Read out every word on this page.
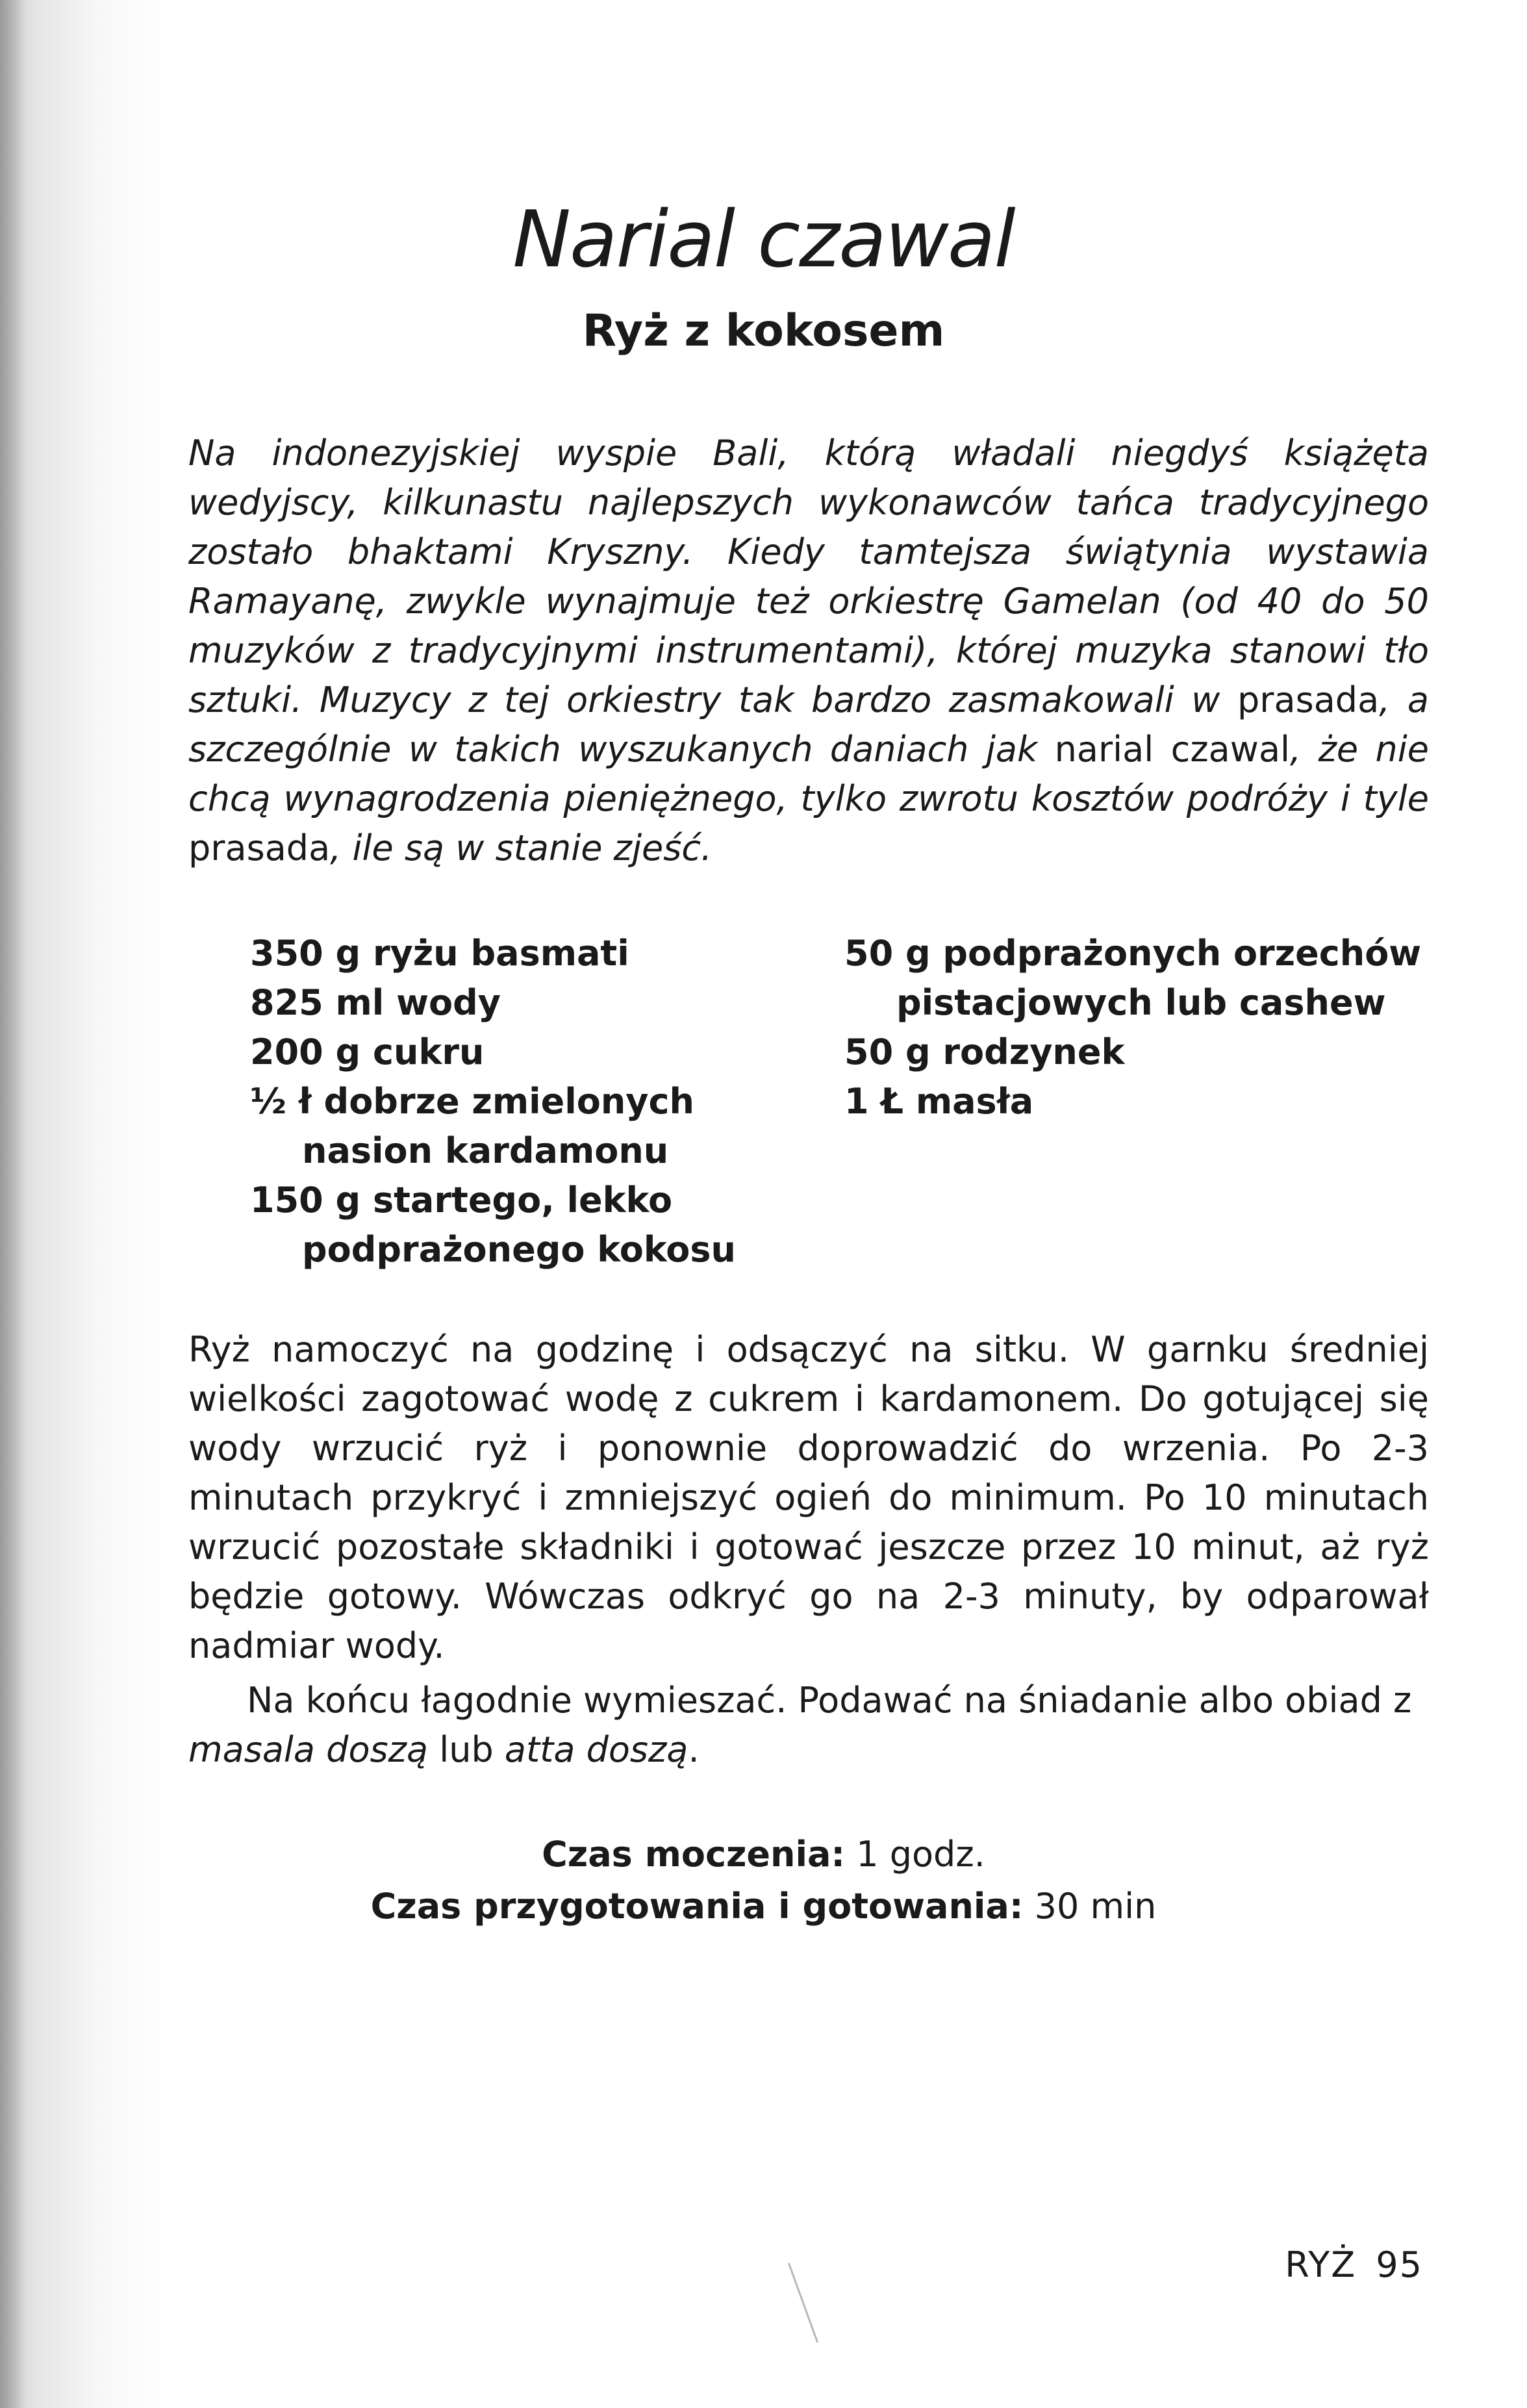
Narial czawal
Ryż z kokosem

Na indonezyjskiej wyspie Bali, którą władali niegdyś książęta wedyjscy, kilkunastu najlepszych wykonawców tańca tradycyjnego zostało bhaktami Kryszny. Kiedy tamtejsza świątynia wystawia Ramayanę, zwykle wynajmuje też orkiestrę Gamelan (od 40 do 50 muzyków z tradycyjnymi instrumentami), której muzyka stanowi tło sztuki. Muzycy z tej orkiestry tak bardzo zasmakowali w prasada, a szczególnie w takich wyszukanych daniach jak narial czawal, że nie chcą wynagrodzenia pieniężnego, tylko zwrotu kosztów podróży i tyle prasada, ile są w stanie zjeść.

350 g ryżu basmati
825 ml wody
200 g cukru
½ ł dobrze zmielonych nasion kardamonu
150 g startego, lekko podprażonego kokosu
50 g podprażonych orzechów pistacjowych lub cashew
50 g rodzynek
1 Ł masła

Ryż namoczyć na godzinę i odsączyć na sitku. W garnku średniej wielkości zagotować wodę z cukrem i kardamonem. Do gotującej się wody wrzucić ryż i ponownie doprowadzić do wrzenia. Po 2-3 minutach przykryć i zmniejszyć ogień do minimum. Po 10 minutach wrzucić pozostałe składniki i gotować jeszcze przez 10 minut, aż ryż będzie gotowy. Wówczas odkryć go na 2-3 minuty, by odparował nadmiar wody.

Na końcu łagodnie wymieszać. Podawać na śniadanie albo obiad z masala doszą lub atta doszą.

Czas moczenia: 1 godz.
Czas przygotowania i gotowania: 30 min
RYŻ 95
